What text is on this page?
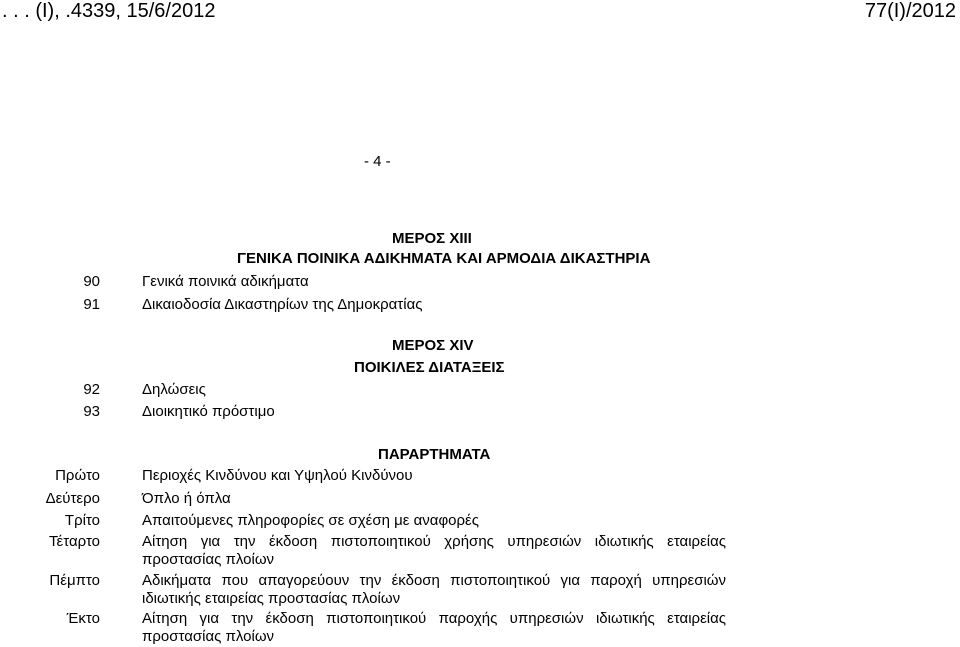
. . . (Ι), .4339, 15/6/2012	77(Ι)/2012
- 4 -
ΜΕΡΟΣ XIII
ΓΕΝΙΚΑ ΠΟΙΝΙΚΑ ΑΔΙΚΗΜΑΤΑ ΚΑΙ ΑΡΜΟΔΙΑ ΔΙΚΑΣΤΗΡΙΑ
90	Γενικά ποινικά αδικήματα
91	Δικαιοδοσία Δικαστηρίων της Δημοκρατίας
ΜΕΡΟΣ XIV
ΠΟΙΚΙΛΕΣ ΔΙΑΤΑΞΕΙΣ
92	Δηλώσεις
93	Διοικητικό πρόστιμο
ΠΑΡΑΡΤΗΜΑΤΑ
Πρώτο	Περιοχές Κινδύνου και Υψηλού Κινδύνου
Δεύτερο	Όπλο ή όπλα
Τρίτο	Απαιτούμενες πληροφορίες σε σχέση με αναφορές
Τέταρτο	Αίτηση για την έκδοση πιστοποιητικού χρήσης υπηρεσιών ιδιωτικής εταιρείας προστασίας πλοίων
Πέμπτο	Αδικήματα που απαγορεύουν την έκδοση πιστοποιητικού για παροχή υπηρεσιών ιδιωτικής εταιρείας προστασίας πλοίων
Έκτο	Αίτηση για την έκδοση πιστοποιητικού παροχής υπηρεσιών ιδιωτικής εταιρείας προστασίας πλοίων
